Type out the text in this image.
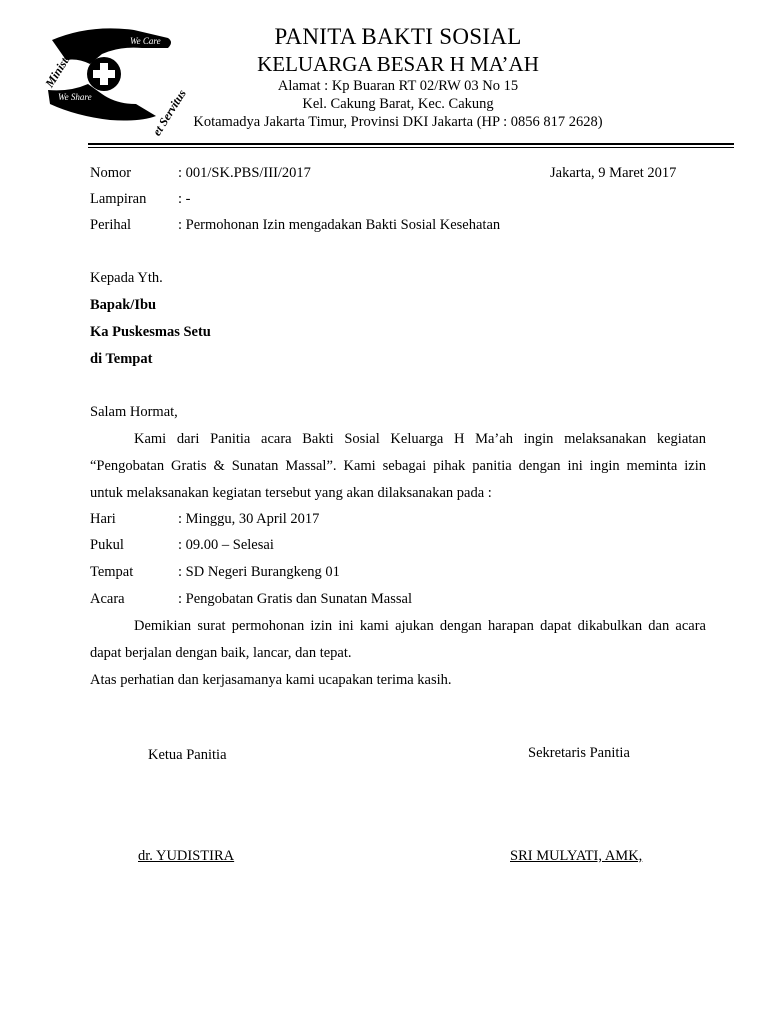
Ministratio	We Care
We Share	et Servitus
PANITA BAKTI SOSIAL
KELUARGA BESAR H MA’AH
Alamat : Kp Buaran RT 02/RW 03 No 15
Kel. Cakung Barat, Kec. Cakung
Kotamadya Jakarta Timur, Provinsi DKI Jakarta (HP : 0856 817 2628)
Nomor	: 001/SK.PBS/III/2017	Jakarta, 9 Maret 2017
Lampiran : -
Perihal	: Permohonan Izin mengadakan Bakti Sosial Kesehatan
Kepada Yth.
Bapak/Ibu
Ka Puskesmas Setu
di Tempat
Salam Hormat,
Kami dari Panitia acara Bakti Sosial Keluarga H Ma’ah ingin melaksanakan kegiatan
“Pengobatan Gratis & Sunatan Massal”. Kami sebagai pihak panitia dengan ini ingin meminta izin
untuk melaksanakan kegiatan tersebut yang akan dilaksanakan pada :
Hari	: Minggu, 30 April 2017
Pukul	: 09.00 – Selesai
Tempat	: SD Negeri Burangkeng 01
Acara	: Pengobatan Gratis dan Sunatan Massal
Demikian surat permohonan izin ini kami ajukan dengan harapan dapat dikabulkan dan acara
dapat berjalan dengan baik, lancar, dan tepat.
Atas perhatian dan kerjasamanya kami ucapakan terima kasih.
Ketua Panitia	Sekretaris Panitia
dr. YUDISTIRA	SRI MULYATI, AMK,
